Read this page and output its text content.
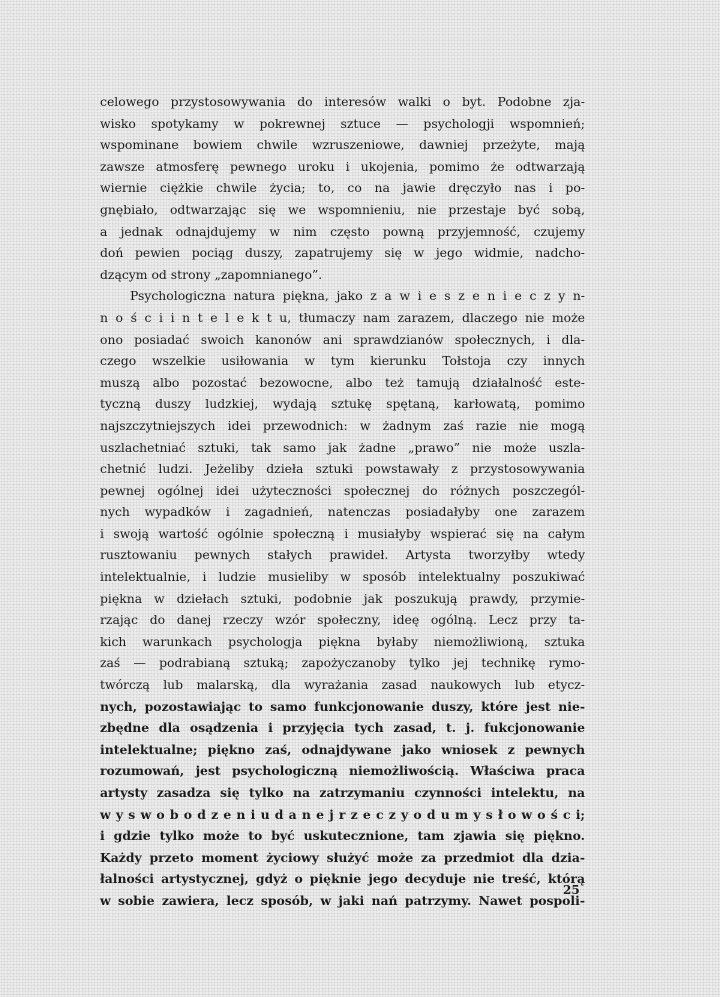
celowego przystosowywania do interesów walki o byt. Podobne zja-
wisko spotykamy w pokrewnej sztuce — psychologji wspomnień;
wspominane bowiem chwile wzruszeniowe, dawniej przeżyte, mają
zawsze atmosferę pewnego uroku i ukojenia, pomimo że odtwarzają
wiernie ciężkie chwile życia; to, co na jawie dręczyło nas i po-
gnębiało, odtwarzając się we wspomnieniu, nie przestaje być sobą,
a jednak odnajdujemy w nim często powną przyjemność, czujemy
doń pewien pociąg duszy, zapatrujemy się w jego widmie, nadcho-
dzącym od strony „zapomnianego”.
Psychologiczna natura piękna, jako z a w i e s z e n i e c z y n-
n o ś c i i n t e l e k t u, tłumaczy nam zarazem, dlaczego nie może
ono posiadać swoich kanonów ani sprawdzianów społecznych, i dla-
czego wszelkie usiłowania w tym kierunku Tołstoja czy innych
muszą albo pozostać bezowocne, albo też tamują działalność este-
tyczną duszy ludzkiej, wydają sztukę spętaną, karłowatą, pomimo
najszczytniejszych idei przewodnich: w żadnym zaś razie nie mogą
uszlachetniać sztuki, tak samo jak żadne „prawo” nie może uszla-
chetnić ludzi. Jeżeliby dzieła sztuki powstawały z przystosowywania
pewnej ogólnej idei użyteczności społecznej do różnych poszczegól-
nych wypadków i zagadnień, natenczas posiadałyby one zarazem
i swoją wartość ogólnie społeczną i musiałyby wspierać się na całym
rusztowaniu pewnych stałych prawideł. Artysta tworzyłby wtedy
intelektualnie, i ludzie musieliby w sposób intelektualny poszukiwać
piękna w dziełach sztuki, podobnie jak poszukują prawdy, przymie-
rzając do danej rzeczy wzór społeczny, ideę ogólną. Lecz przy ta-
kich warunkach psychologja piękna byłaby niemożliwioną, sztuka
zaś — podrabianą sztuką; zapożyczanoby tylko jej technikę rymo-
twórczą lub malarską, dla wyrażania zasad naukowych lub etycz-
nych, pozostawiając to samo funkcjonowanie duszy, które jest nie-
zbędne dla osądzenia i przyjęcia tych zasad, t. j. fukcjonowanie
intelektualne; piękno zaś, odnajdywane jako wniosek z pewnych
rozumowań, jest psychologiczną niemożliwością. Właściwa praca
artysty zasadza się tylko na zatrzymaniu czynności intelektu, na
w y s w o b o d z e n i u d a n e j r z e c z y o d u m y s ł o w o ś c i;
i gdzie tylko może to być uskutecznione, tam zjawia się piękno.
Każdy przeto moment życiowy służyć może za przedmiot dla dzia-
łalności artystycznej, gdyż o pięknie jego decyduje nie treść, którą
w sobie zawiera, lecz sposób, w jaki nań patrzymy. Nawet pospoli-
25
